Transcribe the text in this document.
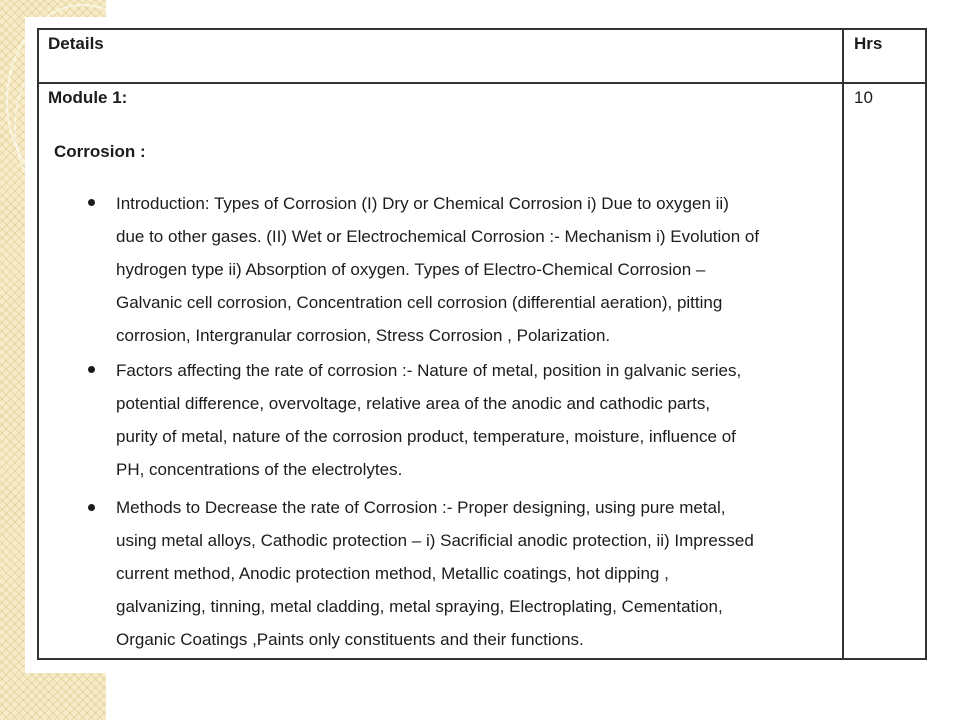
Details	Hrs
Module 1:	10
Corrosion :
Introduction: Types of Corrosion (I) Dry or Chemical Corrosion i) Due to oxygen ii)
due to other gases. (II) Wet or Electrochemical Corrosion :- Mechanism i) Evolution of
hydrogen type ii) Absorption of oxygen. Types of Electro-Chemical Corrosion –
Galvanic cell corrosion, Concentration cell corrosion (differential aeration), pitting
corrosion, Intergranular corrosion, Stress Corrosion , Polarization.
Factors affecting the rate of corrosion :- Nature of metal, position in galvanic series,
potential difference, overvoltage, relative area of the anodic and cathodic parts,
purity of metal, nature of the corrosion product, temperature, moisture, influence of
PH, concentrations of the electrolytes.
Methods to Decrease the rate of Corrosion :- Proper designing, using pure metal,
using metal alloys, Cathodic protection – i) Sacrificial anodic protection, ii) Impressed
current method, Anodic protection method, Metallic coatings, hot dipping ,
galvanizing, tinning, metal cladding, metal spraying, Electroplating, Cementation,
Organic Coatings ,Paints only constituents and their functions.
